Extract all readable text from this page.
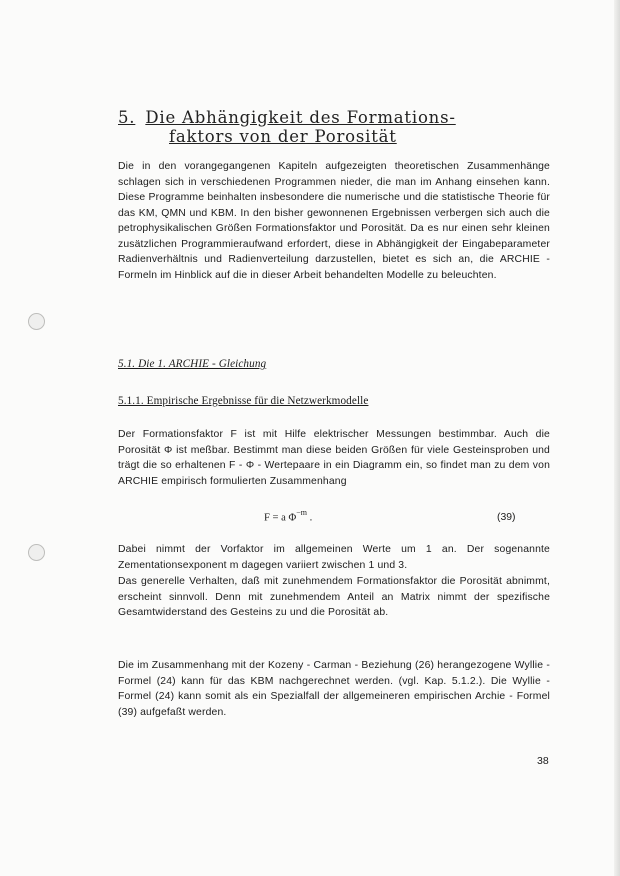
5. Die Abhängigkeit des Formations-
faktors von der Porosität

Die in den vorangegangenen Kapiteln aufgezeigten theoretischen Zusammenhänge schlagen sich in verschiedenen Programmen nieder, die man im Anhang einsehen kann. Diese Programme beinhalten insbesondere die numerische und die statistische Theorie für das KM, QMN und KBM. In den bisher gewonnenen Ergebnissen verbergen sich auch die petrophysikalischen Größen Formationsfaktor und Porosität. Da es nur einen sehr kleinen zusätzlichen Programmieraufwand erfordert, diese in Abhängigkeit der Eingabeparameter Radienverhältnis und Radienverteilung darzustellen, bietet es sich an, die ARCHIE - Formeln im Hinblick auf die in dieser Arbeit behandelten Modelle zu beleuchten.

5.1. Die 1. ARCHIE - Gleichung
5.1.1. Empirische Ergebnisse für die Netzwerkmodelle

Der Formationsfaktor F ist mit Hilfe elektrischer Messungen bestimmbar. Auch die Porosität Φ ist meßbar. Bestimmt man diese beiden Größen für viele Gesteinsproben und trägt die so erhaltenen F - Φ - Wertepaare in ein Diagramm ein, so findet man zu dem von ARCHIE empirisch formulierten Zusammenhang

F = a $\Phi^{-m}$ .	(39)

Dabei nimmt der Vorfaktor im allgemeinen Werte um 1 an. Der sogenannte Zementationsexponent m dagegen variiert zwischen 1 und 3.

Das generelle Verhalten, daß mit zunehmendem Formationsfaktor die Porosität abnimmt, erscheint sinnvoll. Denn mit zunehmendem Anteil an Matrix nimmt der spezifische Gesamtwiderstand des Gesteins zu und die Porosität ab.

Die im Zusammenhang mit der Kozeny - Carman - Beziehung (26) herangezogene Wyllie - Formel (24) kann für das KBM nachgerechnet werden. (vgl. Kap. 5.1.2.). Die Wyllie - Formel (24) kann somit als ein Spezialfall der allgemeineren empirischen Archie - Formel (39) aufgefaßt werden.

38
